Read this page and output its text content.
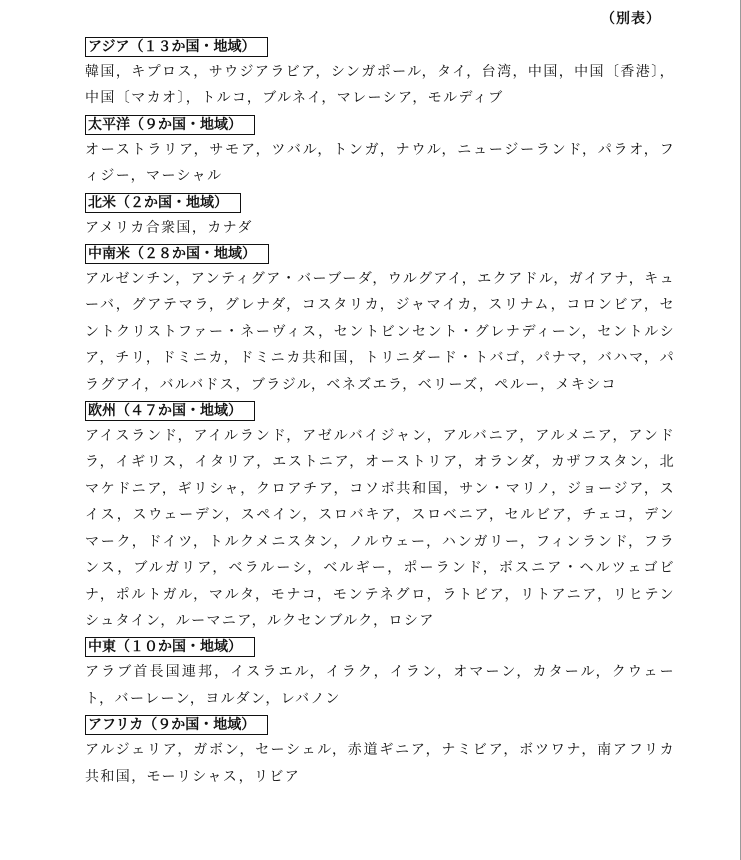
（別表）
アジア（１３か国・地域）
韓国，キプロス，サウジアラビア，シンガポール，タイ，台湾，中国，中国〔香港〕，中国〔マカオ〕，トルコ，ブルネイ，マレーシア，モルディブ
太平洋（９か国・地域）
オーストラリア，サモア，ツバル，トンガ，ナウル，ニュージーランド，パラオ，フィジー，マーシャル
北米（２か国・地域）
アメリカ合衆国，カナダ
中南米（２８か国・地域）
アルゼンチン，アンティグア・バーブーダ，ウルグアイ，エクアドル，ガイアナ，キューバ，グアテマラ，グレナダ，コスタリカ，ジャマイカ，スリナム，コロンビア，セントクリストファー・ネーヴィス，セントビンセント・グレナディーン，セントルシア，チリ，ドミニカ，ドミニカ共和国，トリニダード・トバゴ，パナマ，バハマ，パラグアイ，バルバドス，ブラジル，ベネズエラ，ベリーズ，ペルー，メキシコ
欧州（４７か国・地域）
アイスランド，アイルランド，アゼルバイジャン，アルバニア，アルメニア，アンドラ，イギリス，イタリア，エストニア，オーストリア，オランダ，カザフスタン，北マケドニア，ギリシャ，クロアチア，コソボ共和国，サン・マリノ，ジョージア，スイス，スウェーデン，スペイン，スロバキア，スロベニア，セルビア，チェコ，デンマーク，ドイツ，トルクメニスタン，ノルウェー，ハンガリー，フィンランド，フランス，ブルガリア，ベラルーシ，ベルギー，ポーランド，ボスニア・ヘルツェゴビナ，ポルトガル，マルタ，モナコ，モンテネグロ，ラトビア，リトアニア，リヒテンシュタイン，ルーマニア，ルクセンブルク，ロシア
中東（１０か国・地域）
アラブ首長国連邦，イスラエル，イラク，イラン，オマーン，カタール，クウェート，バーレーン，ヨルダン，レバノン
アフリカ（９か国・地域）
アルジェリア，ガボン，セーシェル，赤道ギニア，ナミビア，ボツワナ，南アフリカ共和国，モーリシャス，リビア
